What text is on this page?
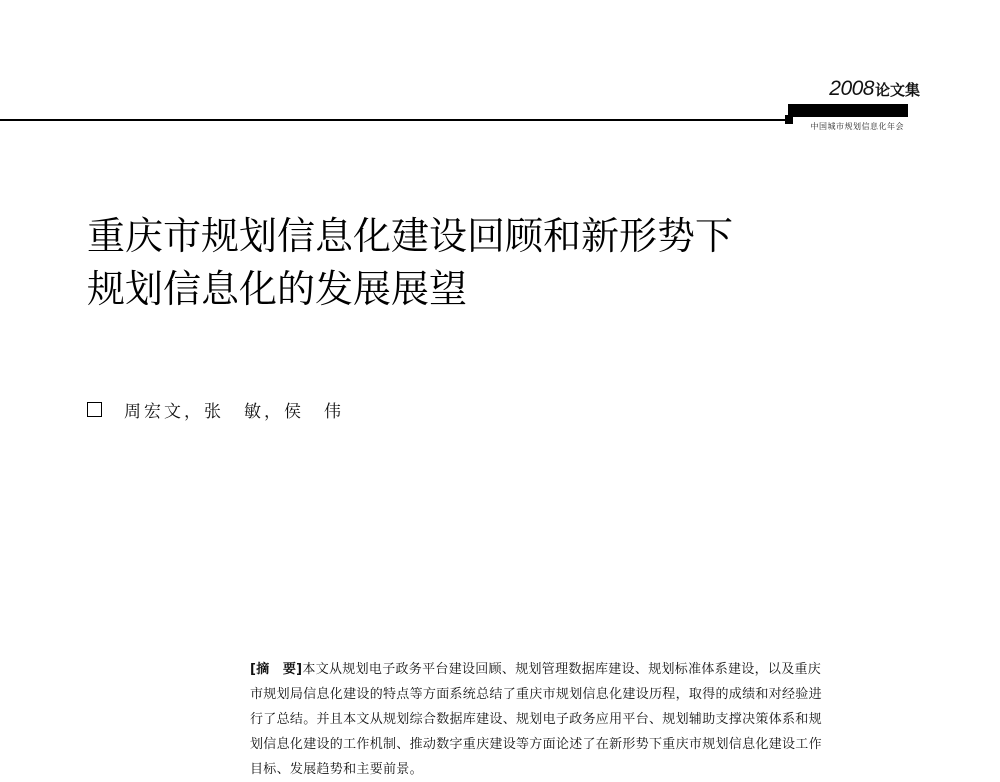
2008论文集
中国城市规划信息化年会
重庆市规划信息化建设回顾和新形势下
规划信息化的发展展望
周宏文，张　敏，侯　伟

[摘　要]本文从规划电子政务平台建设回顾、规划管理数据库建设、规划标准体系建设，以及重庆
市规划局信息化建设的特点等方面系统总结了重庆市规划信息化建设历程，取得的成绩和对经验进
行了总结。并且本文从规划综合数据库建设、规划电子政务应用平台、规划辅助支撑决策体系和规
划信息化建设的工作机制、推动数字重庆建设等方面论述了在新形势下重庆市规划信息化建设工作
目标、发展趋势和主要前景。
